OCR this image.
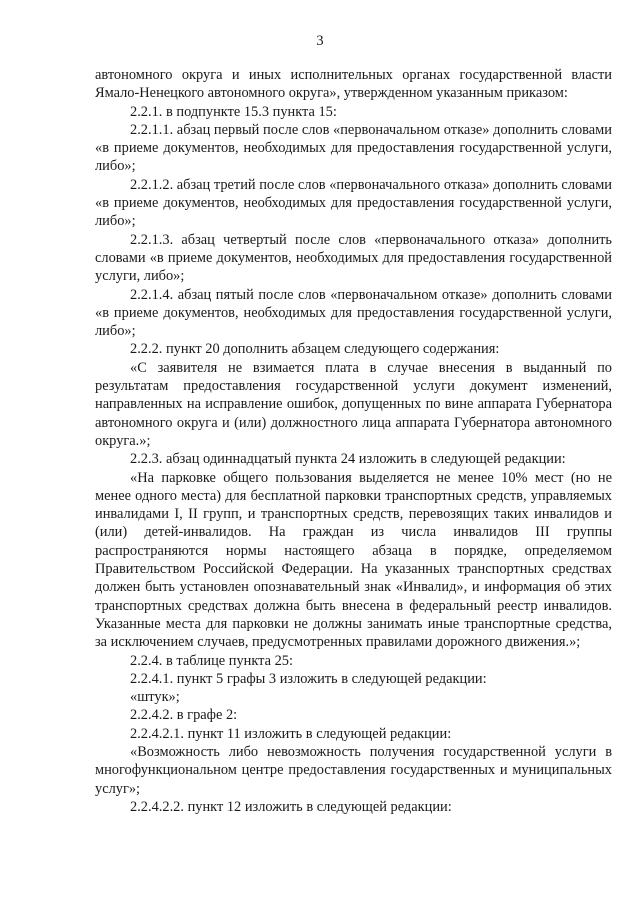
3

автономного округа и иных исполнительных органах государственной власти Ямало-Ненецкого автономного округа», утвержденном указанным приказом:

2.2.1. в подпункте 15.3 пункта 15:

2.2.1.1. абзац первый после слов «первоначальном отказе» дополнить словами «в приеме документов, необходимых для предоставления государственной услуги, либо»;

2.2.1.2. абзац третий после слов «первоначального отказа» дополнить словами «в приеме документов, необходимых для предоставления государственной услуги, либо»;

2.2.1.3. абзац четвертый после слов «первоначального отказа» дополнить словами «в приеме документов, необходимых для предоставления государственной услуги, либо»;

2.2.1.4. абзац пятый после слов «первоначальном отказе» дополнить словами «в приеме документов, необходимых для предоставления государственной услуги, либо»;

2.2.2. пункт 20 дополнить абзацем следующего содержания:

«С заявителя не взимается плата в случае внесения в выданный по результатам предоставления государственной услуги документ изменений, направленных на исправление ошибок, допущенных по вине аппарата Губернатора автономного округа и (или) должностного лица аппарата Губернатора автономного округа.»;

2.2.3. абзац одиннадцатый пункта 24 изложить в следующей редакции:

«На парковке общего пользования выделяется не менее 10% мест (но не менее одного места) для бесплатной парковки транспортных средств, управляемых инвалидами I, II групп, и транспортных средств, перевозящих таких инвалидов и (или) детей-инвалидов. На граждан из числа инвалидов III группы распространяются нормы настоящего абзаца в порядке, определяемом Правительством Российской Федерации. На указанных транспортных средствах должен быть установлен опознавательный знак «Инвалид», и информация об этих транспортных средствах должна быть внесена в федеральный реестр инвалидов. Указанные места для парковки не должны занимать иные транспортные средства, за исключением случаев, предусмотренных правилами дорожного движения.»;

2.2.4. в таблице пункта 25:

2.2.4.1. пункт 5 графы 3 изложить в следующей редакции:

«штук»;

2.2.4.2. в графе 2:

2.2.4.2.1. пункт 11 изложить в следующей редакции:

«Возможность либо невозможность получения государственной услуги в многофункциональном центре предоставления государственных и муниципальных услуг»;

2.2.4.2.2. пункт 12 изложить в следующей редакции:
